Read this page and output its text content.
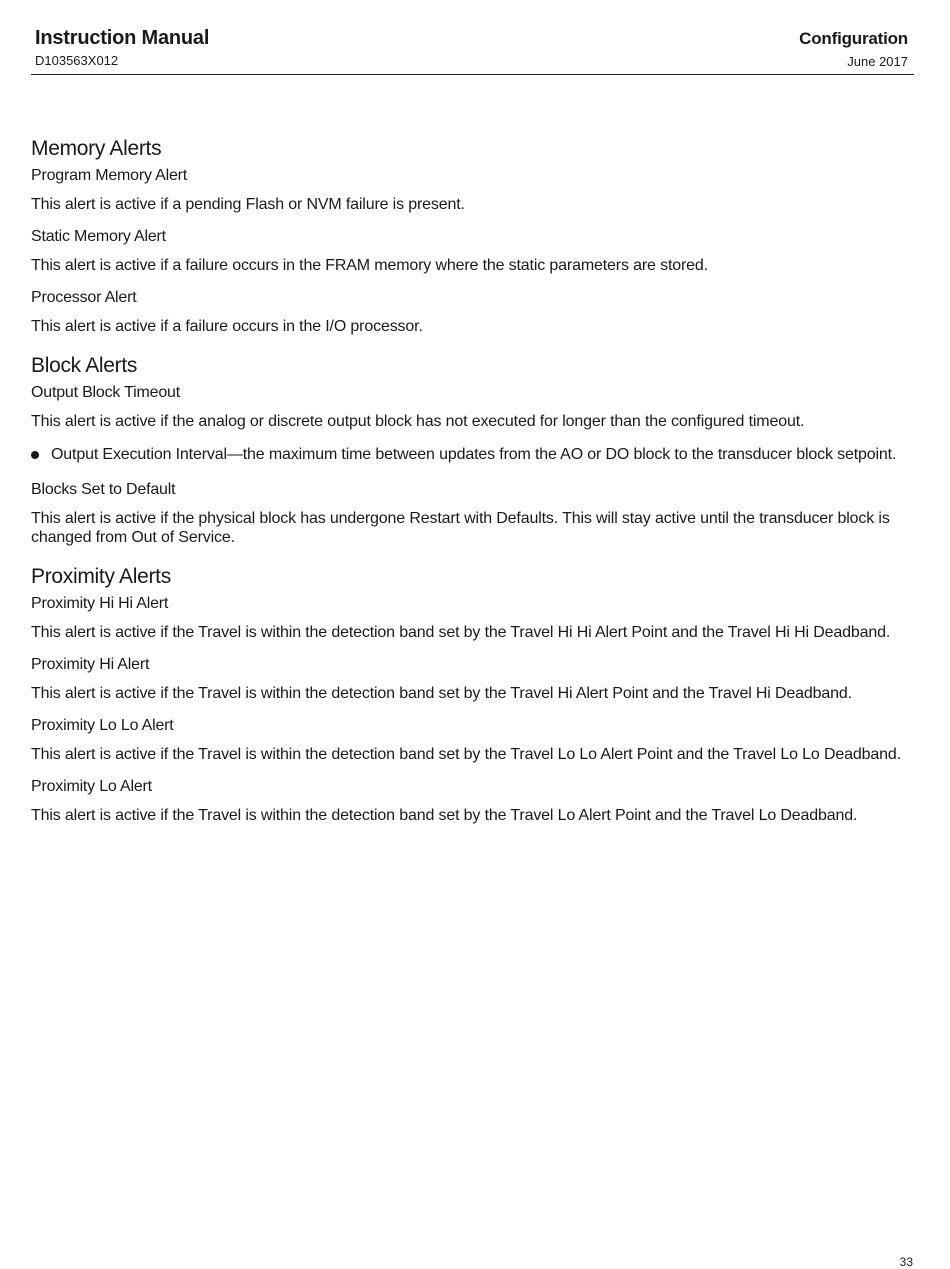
Instruction Manual
D103563X012
Configuration
June 2017
Memory Alerts
Program Memory Alert
This alert is active if a pending Flash or NVM failure is present.
Static Memory Alert
This alert is active if a failure occurs in the FRAM memory where the static parameters are stored.
Processor Alert
This alert is active if a failure occurs in the I/O processor.
Block Alerts
Output Block Timeout
This alert is active if the analog or discrete output block has not executed for longer than the configured timeout.
Output Execution Interval—the maximum time between updates from the AO or DO block to the transducer block setpoint.
Blocks Set to Default
This alert is active if the physical block has undergone Restart with Defaults. This will stay active until the transducer block is changed from Out of Service.
Proximity Alerts
Proximity Hi Hi Alert
This alert is active if the Travel is within the detection band set by the Travel Hi Hi Alert Point and the Travel Hi Hi Deadband.
Proximity Hi Alert
This alert is active if the Travel is within the detection band set by the Travel Hi Alert Point and the Travel Hi Deadband.
Proximity Lo Lo Alert
This alert is active if the Travel is within the detection band set by the Travel Lo Lo Alert Point and the Travel Lo Lo Deadband.
Proximity Lo Alert
This alert is active if the Travel is within the detection band set by the Travel Lo Alert Point and the Travel Lo Deadband.
33
